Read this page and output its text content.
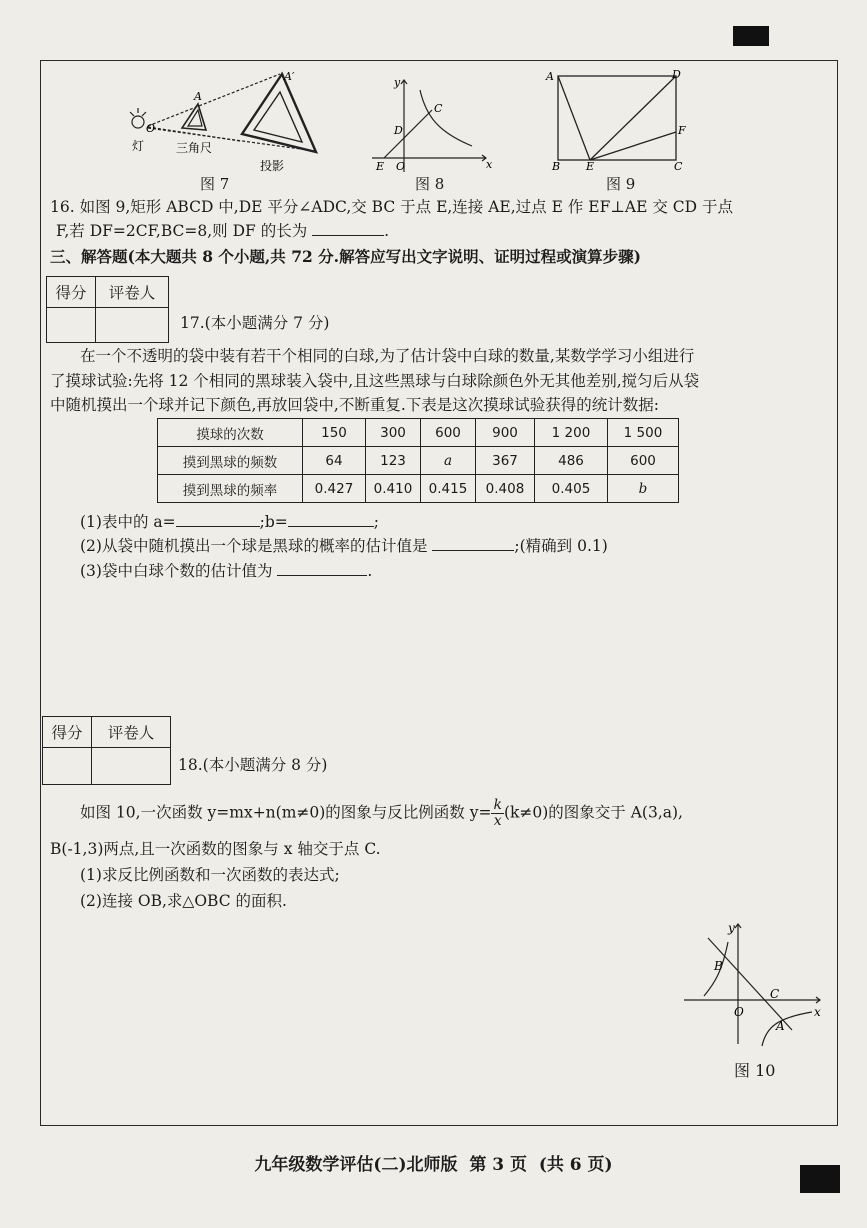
O
A
A′
灯	三角尺
投影
图 7
y
x
C
D
E O
图 8
A	D
B E	C
F
图 9
16. 如图 9,矩形 ABCD 中,DE 平分∠ADC,交 BC 于点 E,连接 AE,过点 E 作 EF⊥AE 交 CD 于点
F,若 DF=2CF,BC=8,则 DF 的长为	.
三、解答题(本大题共 8 个小题,共 72 分.解答应写出文字说明、证明过程或演算步骤)
得分	评卷人

17.(本小题满分 7 分)
在一个不透明的袋中装有若干个相同的白球,为了估计袋中白球的数量,某数学学习小组进行
了摸球试验:先将 12 个相同的黑球装入袋中,且这些黑球与白球除颜色外无其他差别,搅匀后从袋
中随机摸出一个球并记下颜色,再放回袋中,不断重复.下表是这次摸球试验获得的统计数据:
摸球的次数	150	300	600	900	1 200	1 500
摸到黑球的频数	64	123	a	367	486	600
摸到黑球的频率	0.427	0.410	0.415	0.408	0.405	b
(1)表中的 a=	;b=	;
(2)从袋中随机摸出一个球是黑球的概率的估计值是	;(精确到 0.1)
(3)袋中白球个数的估计值为	.
得分	评卷人

18.(本小题满分 8 分)
如图 10,一次函数 y=mx+n(m≠0)的图象与反比例函数 $y= \frac{k}{x} (k\ne 0)$的图象交于 A(3,a),
B(-1,3)两点,且一次函数的图象与 x 轴交于点 C.
(1)求反比例函数和一次函数的表达式;
(2)连接 OB,求△OBC 的面积.
y
x
B
C
O
A
图 10
九年级数学评估(二)北师版  第 3 页  (共 6 页)
